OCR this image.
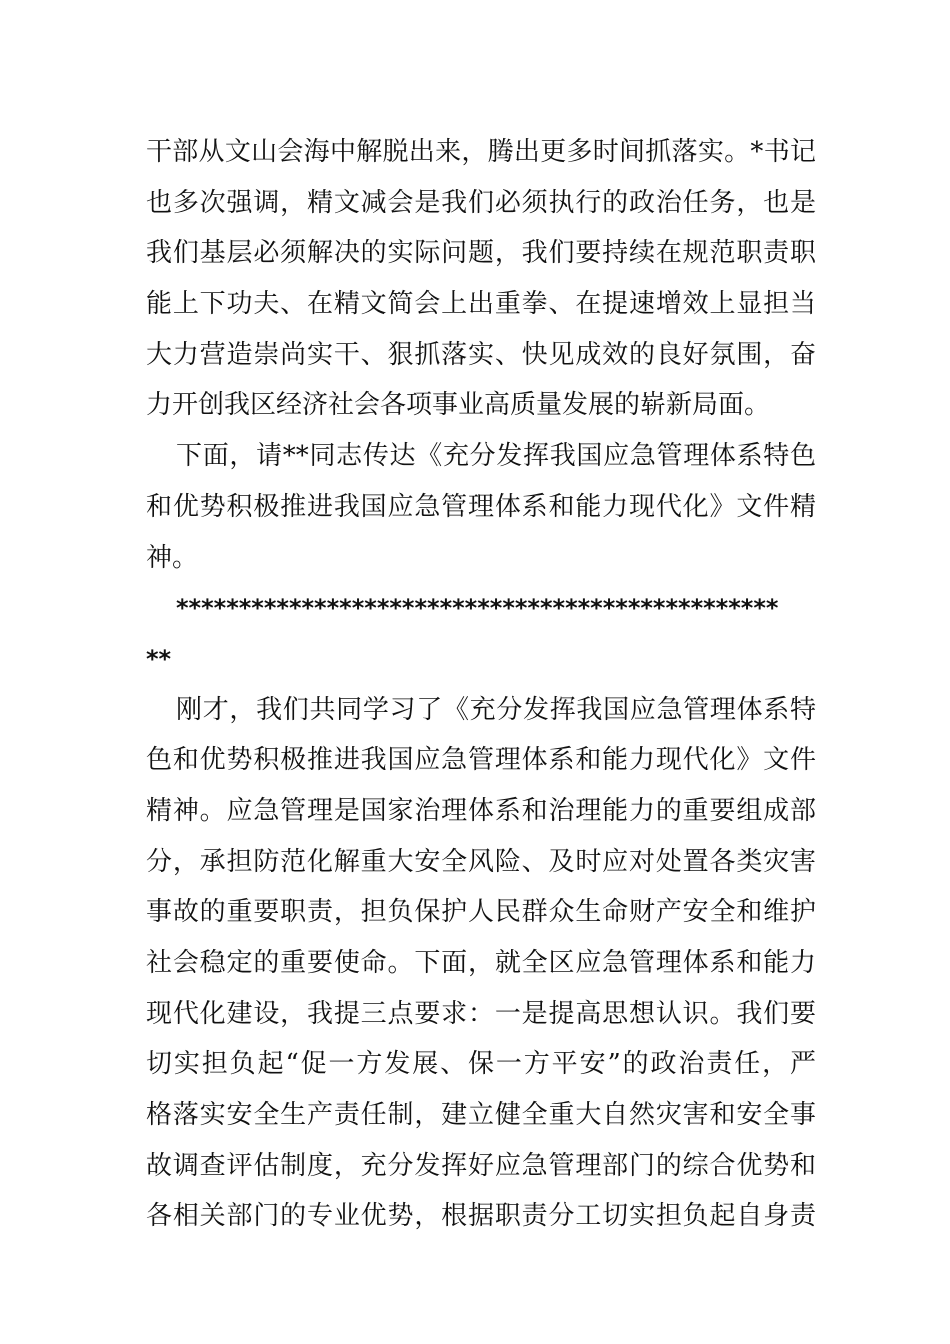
干部从文山会海中解脱出来，腾出更多时间抓落实。*书记
也多次强调，精文减会是我们必须执行的政治任务，也是
我们基层必须解决的实际问题，我们要持续在规范职责职
能上下功夫、在精文简会上出重拳、在提速增效上显担当
大力营造崇尚实干、狠抓落实、快见成效的良好氛围，奋
力开创我区经济社会各项事业高质量发展的崭新局面。
下面，请**同志传达《充分发挥我国应急管理体系特色
和优势积极推进我国应急管理体系和能力现代化》文件精
神。
************************************************
**
刚才，我们共同学习了《充分发挥我国应急管理体系特
色和优势积极推进我国应急管理体系和能力现代化》文件
精神。应急管理是国家治理体系和治理能力的重要组成部
分，承担防范化解重大安全风险、及时应对处置各类灾害
事故的重要职责，担负保护人民群众生命财产安全和维护
社会稳定的重要使命。下面，就全区应急管理体系和能力
现代化建设，我提三点要求：一是提高思想认识。我们要
切实担负起“促一方发展、保一方平安”的政治责任，严
格落实安全生产责任制，建立健全重大自然灾害和安全事
故调查评估制度，充分发挥好应急管理部门的综合优势和
各相关部门的专业优势，根据职责分工切实担负起自身责
